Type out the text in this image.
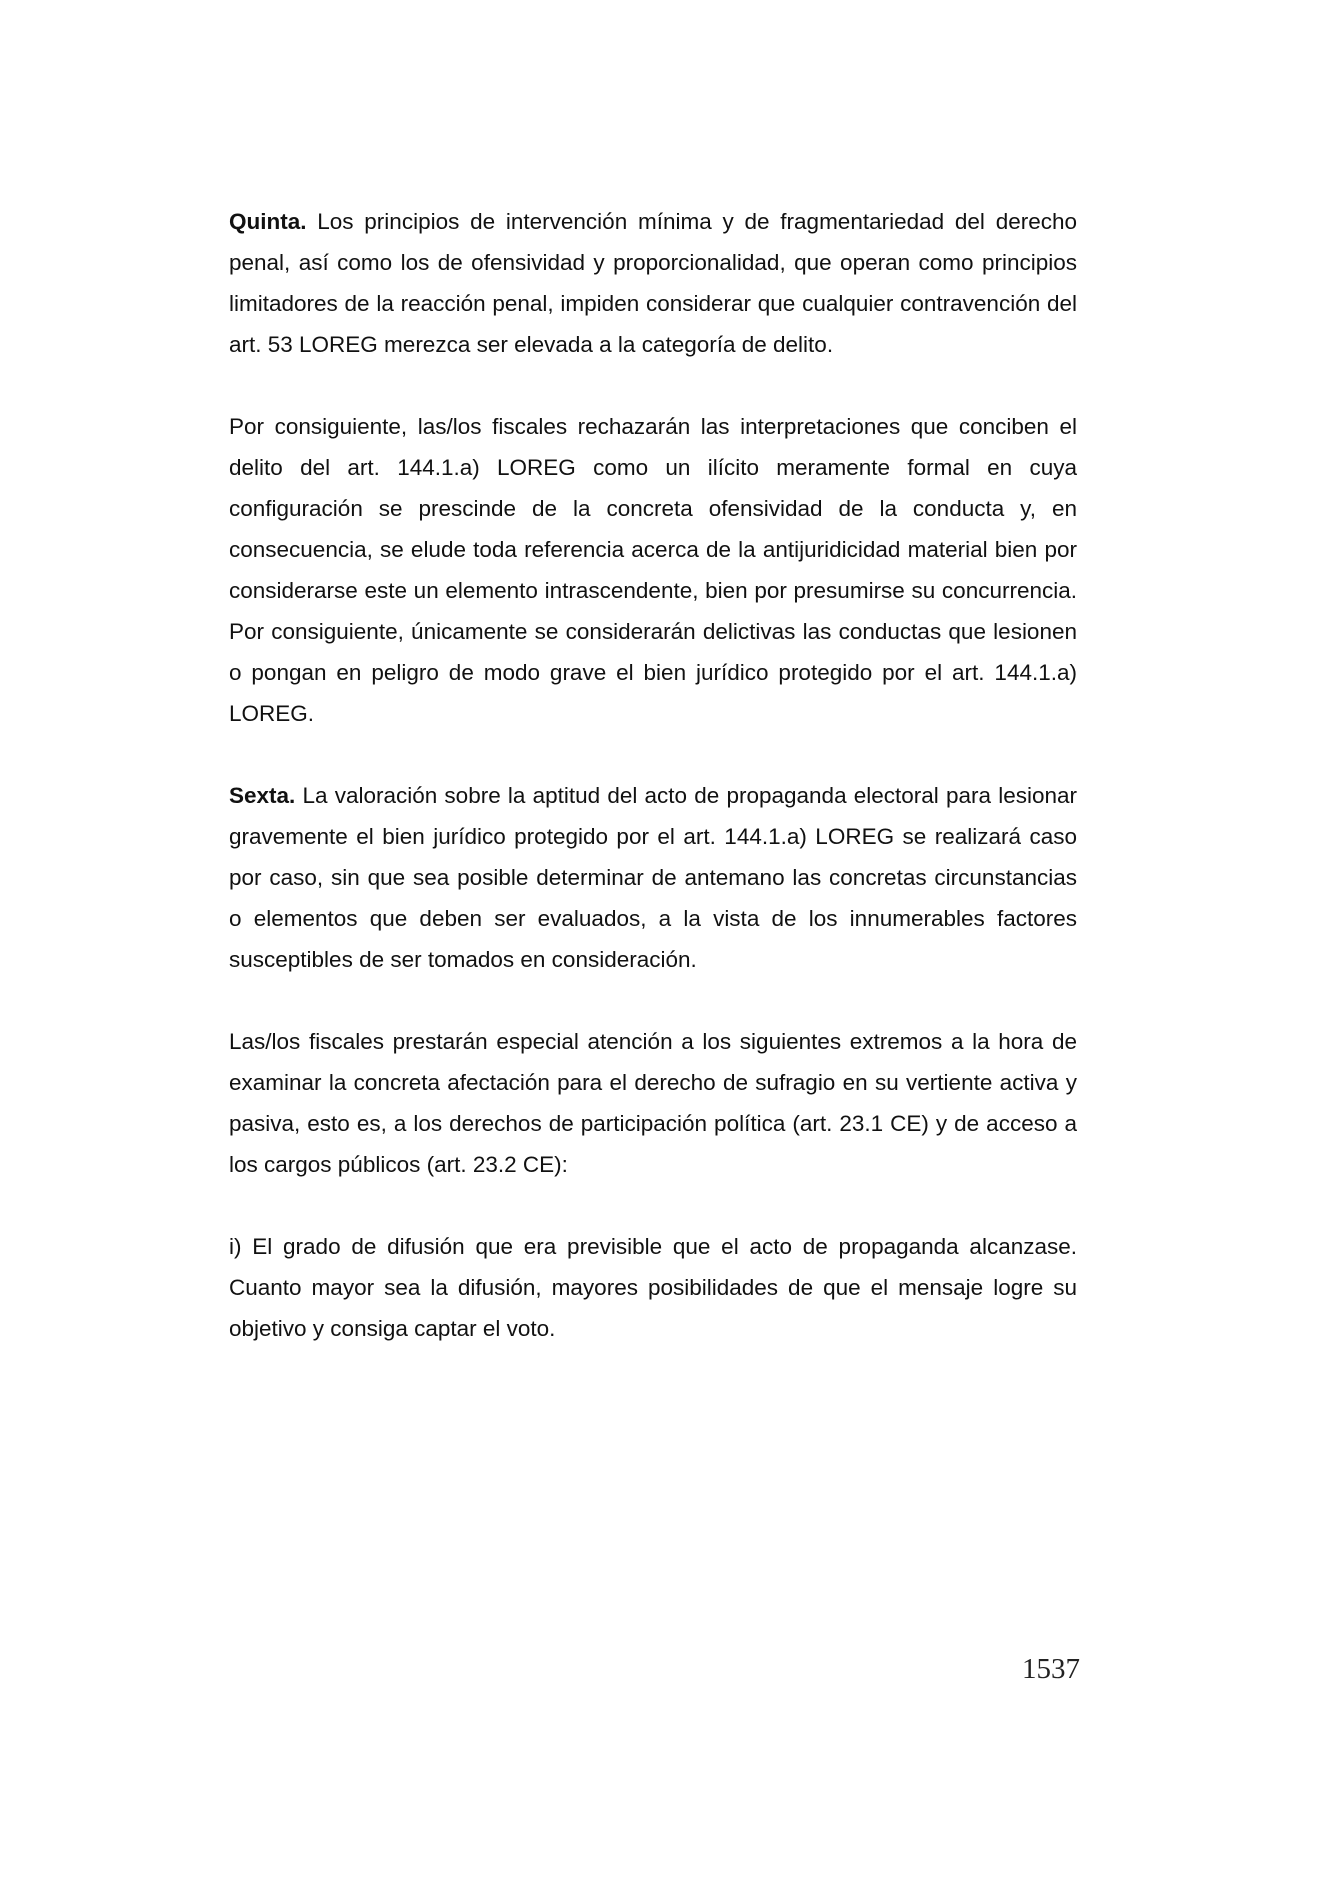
Quinta. Los principios de intervención mínima y de fragmentariedad del derecho penal, así como los de ofensividad y proporcionalidad, que operan como principios limitadores de la reacción penal, impiden considerar que cualquier contravención del art. 53 LOREG merezca ser elevada a la categoría de delito.

Por consiguiente, las/los fiscales rechazarán las interpretaciones que conciben el delito del art. 144.1.a) LOREG como un ilícito meramente formal en cuya configuración se prescinde de la concreta ofensividad de la conducta y, en consecuencia, se elude toda referencia acerca de la antijuridicidad material bien por considerarse este un elemento intrascendente, bien por presumirse su concurrencia. Por consiguiente, únicamente se considerarán delictivas las conductas que lesionen o pongan en peligro de modo grave el bien jurídico protegido por el art. 144.1.a) LOREG.

Sexta. La valoración sobre la aptitud del acto de propaganda electoral para lesionar gravemente el bien jurídico protegido por el art. 144.1.a) LOREG se realizará caso por caso, sin que sea posible determinar de antemano las concretas circunstancias o elementos que deben ser evaluados, a la vista de los innumerables factores susceptibles de ser tomados en consideración.

Las/los fiscales prestarán especial atención a los siguientes extremos a la hora de examinar la concreta afectación para el derecho de sufragio en su vertiente activa y pasiva, esto es, a los derechos de participación política (art. 23.1 CE) y de acceso a los cargos públicos (art. 23.2 CE):

i) El grado de difusión que era previsible que el acto de propaganda alcanzase. Cuanto mayor sea la difusión, mayores posibilidades de que el mensaje logre su objetivo y consiga captar el voto.

1537
